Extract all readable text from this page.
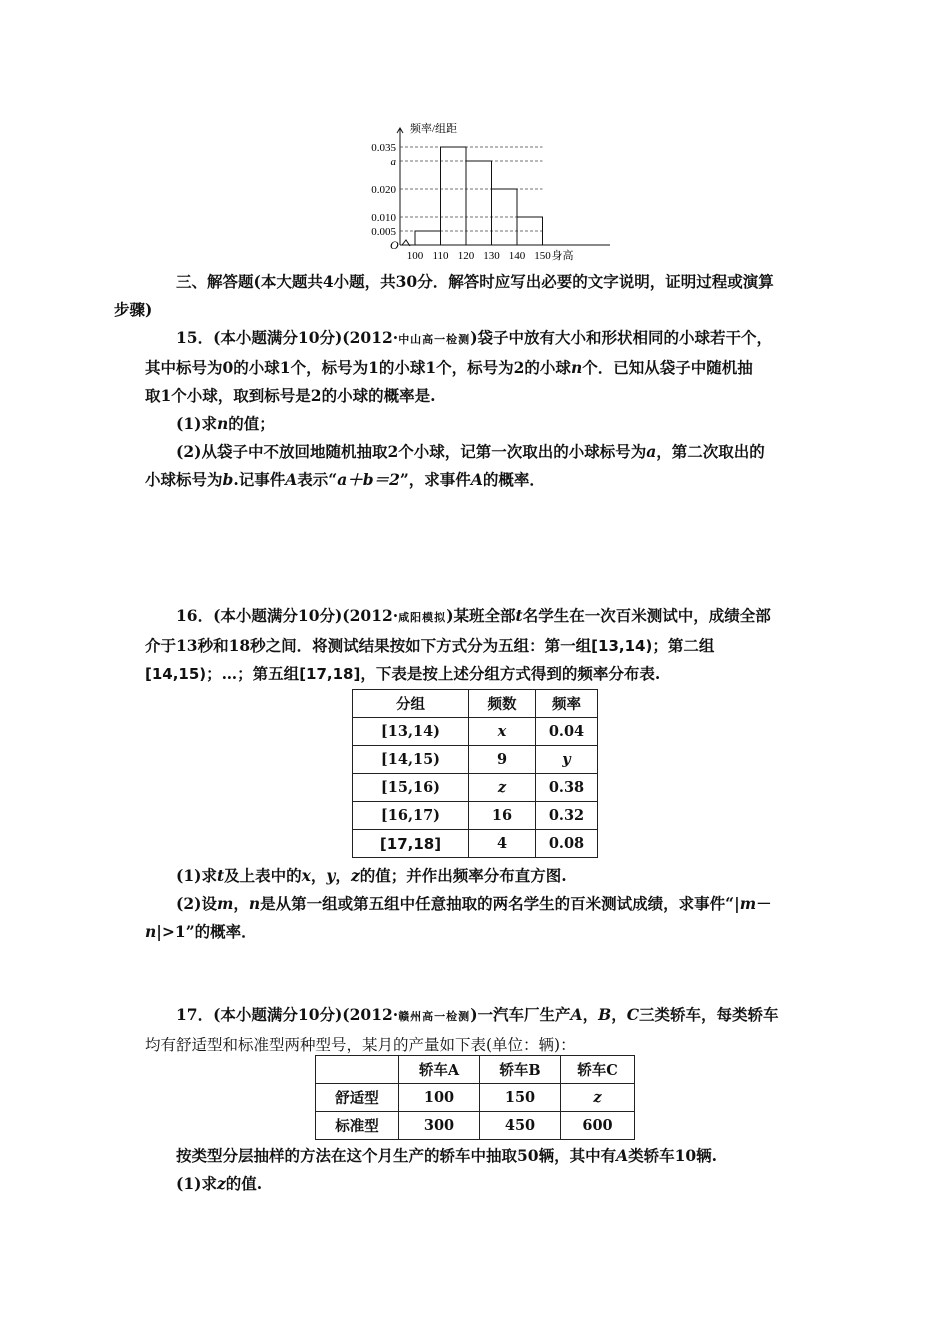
频率/组距
O
0.035
a
0.020
0.010
0.005
100 110 120 130 140 150 身高
三、解答题(本大题共4小题，共30分．解答时应写出必要的文字说明，证明过程或演算
步骤)
15．(本小题满分10分)(2012·中山高一检测)袋子中放有大小和形状相同的小球若干个，
其中标号为0的小球1个，标号为1的小球1个，标号为2的小球n个．已知从袋子中随机抽
取1个小球，取到标号是2的小球的概率是.
(1)求n的值；
(2)从袋子中不放回地随机抽取2个小球，记第一次取出的小球标号为a，第二次取出的
小球标号为b.记事件A表示“a＋b＝2”，求事件A的概率．
16．(本小题满分10分)(2012·咸阳模拟)某班全部t名学生在一次百米测试中，成绩全部
介于13秒和18秒之间．将测试结果按如下方式分为五组：第一组[13,14)；第二组
[14,15)；…；第五组[17,18]，下表是按上述分组方式得到的频率分布表.
分组	频数	频率
[13,14)	x	0.04
[14,15)	9	y
[15,16)	z	0.38
[16,17)	16	0.32
[17,18]	4	0.08
(1)求t及上表中的x，y，z的值；并作出频率分布直方图.
(2)设m，n是从第一组或第五组中任意抽取的两名学生的百米测试成绩，求事件“|m－
n|>1”的概率．
17．(本小题满分10分)(2012·赣州高一检测)一汽车厂生产A，B，C三类轿车，每类轿车
均有舒适型和标准型两种型号，某月的产量如下表(单位：辆)：
	轿车A	轿车B	轿车C
舒适型	100	150	z
标准型	300	450	600
按类型分层抽样的方法在这个月生产的轿车中抽取50辆，其中有A类轿车10辆.
(1)求z的值.
